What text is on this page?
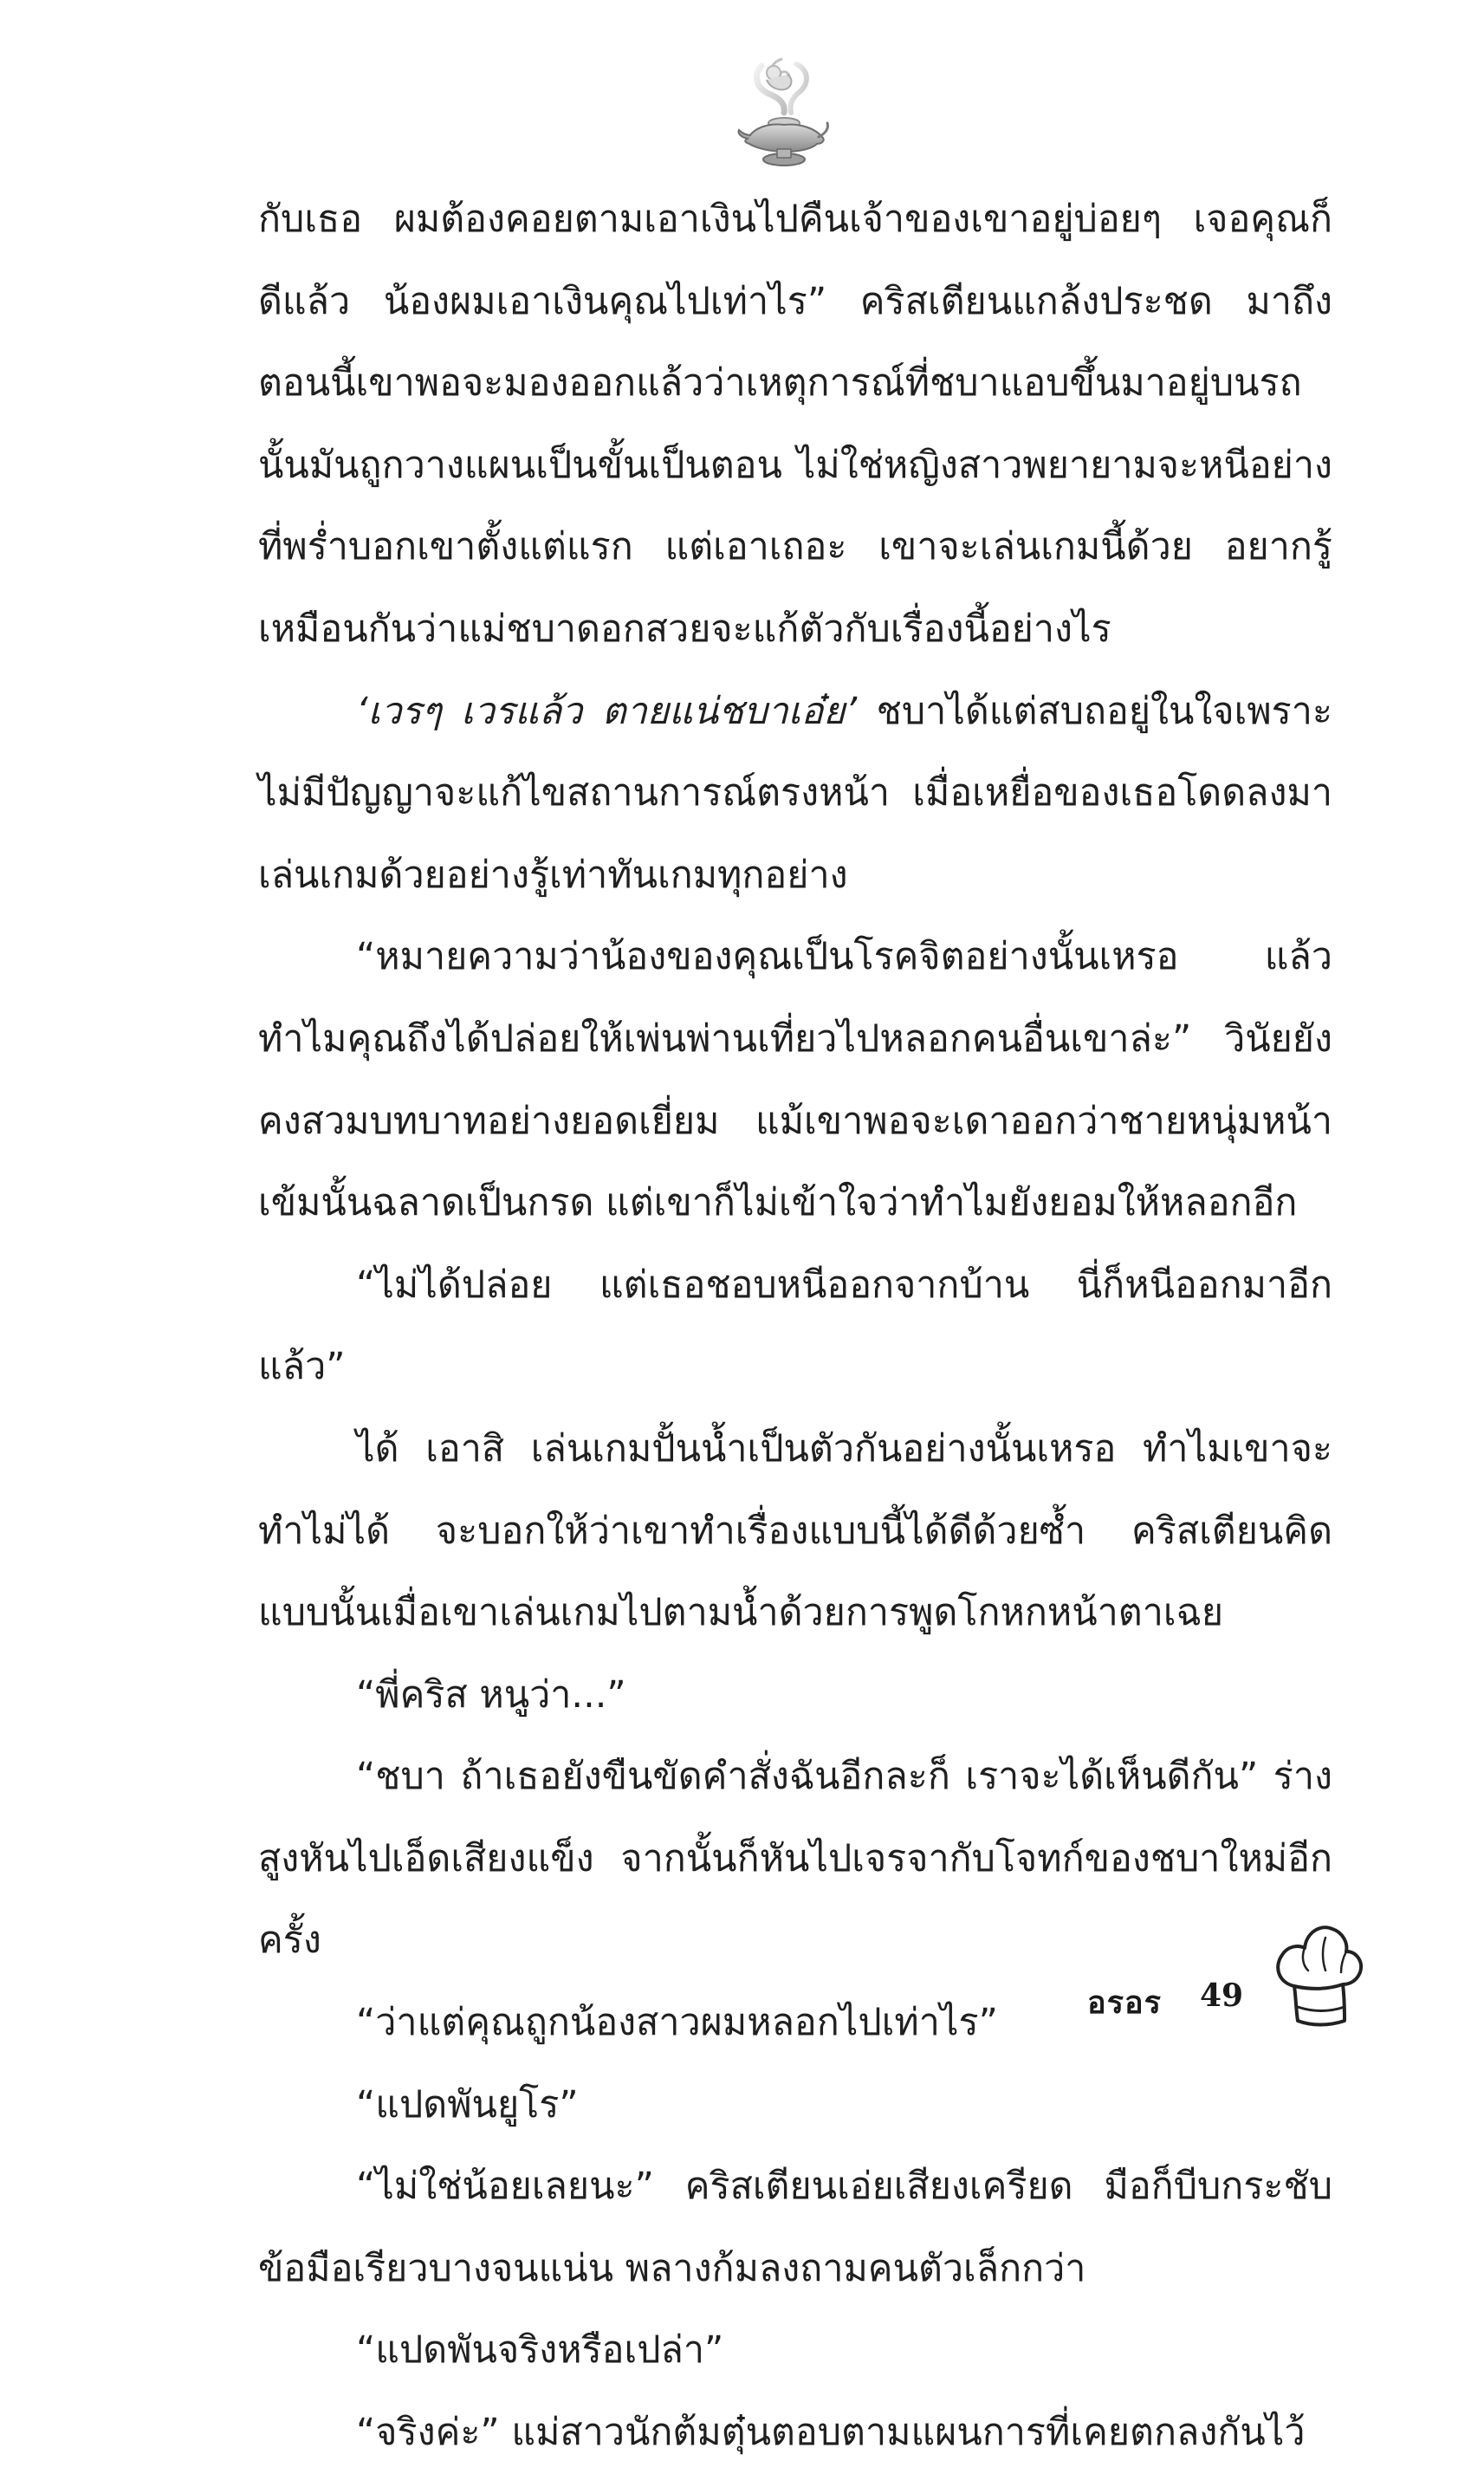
กับเธอ ผมต้องคอยตามเอาเงินไปคืนเจ้าของเขาอยู่บ่อยๆ เจอคุณก็ดีแล้ว น้องผมเอาเงินคุณไปเท่าไร” คริสเตียนแกล้งประชด มาถึงตอนนี้เขาพอจะมองออกแล้วว่าเหตุการณ์ที่ชบาแอบขึ้นมาอยู่บนรถนั้นมันถูกวางแผนเป็นขั้นเป็นตอน ไม่ใช่หญิงสาวพยายามจะหนีอย่างที่พร่ำบอกเขาตั้งแต่แรก แต่เอาเถอะ เขาจะเล่นเกมนี้ด้วย อยากรู้เหมือนกันว่าแม่ชบาดอกสวยจะแก้ตัวกับเรื่องนี้อย่างไร

‘เวรๆ เวรแล้ว ตายแน่ชบาเอ๋ย’ ชบาได้แต่สบถอยู่ในใจเพราะไม่มีปัญญาจะแก้ไขสถานการณ์ตรงหน้า เมื่อเหยื่อของเธอโดดลงมาเล่นเกมด้วยอย่างรู้เท่าทันเกมทุกอย่าง

“หมายความว่าน้องของคุณเป็นโรคจิตอย่างนั้นเหรอ แล้วทำไมคุณถึงได้ปล่อยให้เพ่นพ่านเที่ยวไปหลอกคนอื่นเขาล่ะ” วินัยยังคงสวมบทบาทอย่างยอดเยี่ยม แม้เขาพอจะเดาออกว่าชายหนุ่มหน้าเข้มนั้นฉลาดเป็นกรด แต่เขาก็ไม่เข้าใจว่าทำไมยังยอมให้หลอกอีก

“ไม่ได้ปล่อย แต่เธอชอบหนีออกจากบ้าน นี่ก็หนีออกมาอีกแล้ว”

ได้ เอาสิ เล่นเกมปั้นน้ำเป็นตัวกันอย่างนั้นเหรอ ทำไมเขาจะทำไม่ได้ จะบอกให้ว่าเขาทำเรื่องแบบนี้ได้ดีด้วยซ้ำ คริสเตียนคิดแบบนั้นเมื่อเขาเล่นเกมไปตามน้ำด้วยการพูดโกหกหน้าตาเฉย

“พี่คริส หนูว่า...”

“ชบา ถ้าเธอยังขืนขัดคำสั่งฉันอีกละก็ เราจะได้เห็นดีกัน” ร่างสูงหันไปเอ็ดเสียงแข็ง จากนั้นก็หันไปเจรจากับโจทก์ของชบาใหม่อีกครั้ง

“ว่าแต่คุณถูกน้องสาวผมหลอกไปเท่าไร”

“แปดพันยูโร”

“ไม่ใช่น้อยเลยนะ” คริสเตียนเอ่ยเสียงเครียด มือก็บีบกระชับข้อมือเรียวบางจนแน่น พลางก้มลงถามคนตัวเล็กกว่า

“แปดพันจริงหรือเปล่า”

“จริงค่ะ” แม่สาวนักต้มตุ๋นตอบตามแผนการที่เคยตกลงกันไว้

อรอร 49
